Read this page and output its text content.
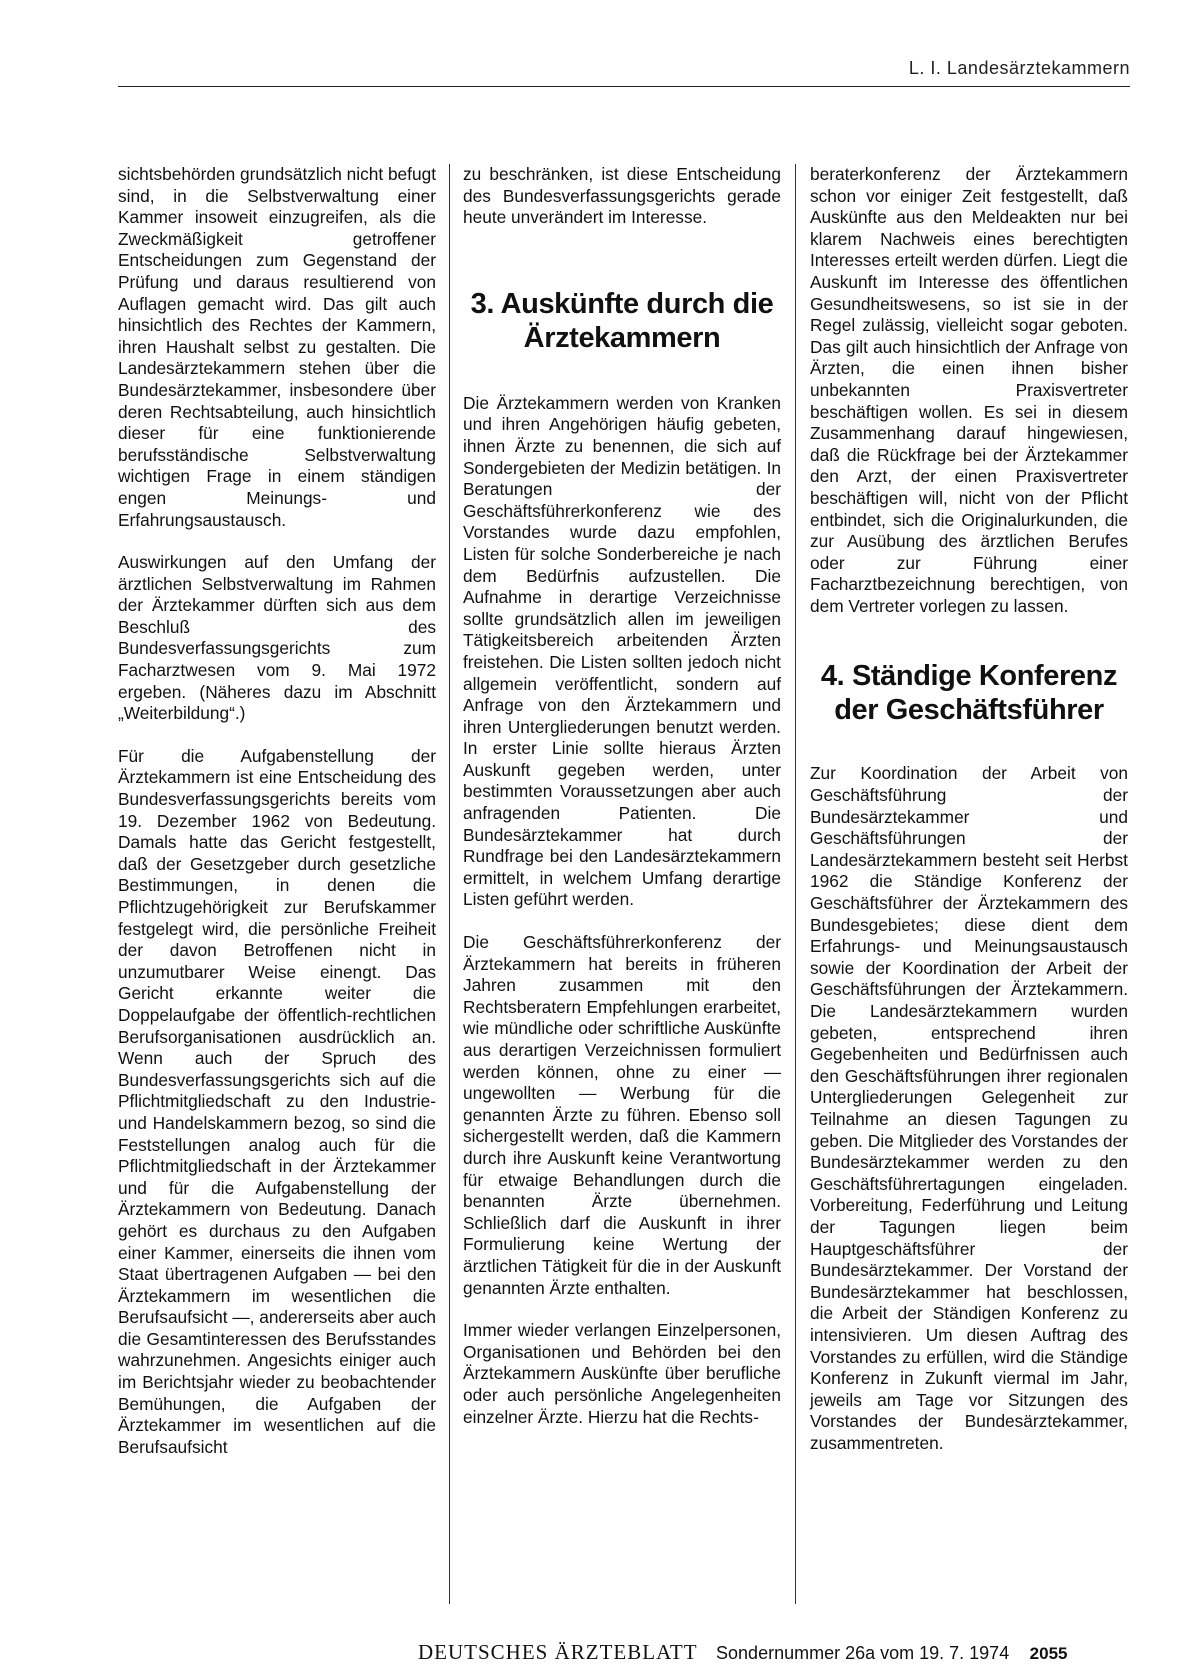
L. I. Landesärztekammern

sichtsbehörden grundsätzlich nicht befugt sind, in die Selbstverwaltung einer Kammer insoweit einzugreifen, als die Zweckmäßigkeit getroffener Entscheidungen zum Gegenstand der Prüfung und daraus resultierend von Auflagen gemacht wird. Das gilt auch hinsichtlich des Rechtes der Kammern, ihren Haushalt selbst zu gestalten. Die Landesärztekammern stehen über die Bundesärztekammer, insbesondere über deren Rechtsabteilung, auch hinsichtlich dieser für eine funktionierende berufsständische Selbstverwaltung wichtigen Frage in einem ständigen engen Meinungs- und Erfahrungsaustausch.

Auswirkungen auf den Umfang der ärztlichen Selbstverwaltung im Rahmen der Ärztekammer dürften sich aus dem Beschluß des Bundesverfassungsgerichts zum Facharztwesen vom 9. Mai 1972 ergeben. (Näheres dazu im Abschnitt „Weiterbildung“.)

Für die Aufgabenstellung der Ärztekammern ist eine Entscheidung des Bundesverfassungsgerichts bereits vom 19. Dezember 1962 von Bedeutung. Damals hatte das Gericht festgestellt, daß der Gesetzgeber durch gesetzliche Bestimmungen, in denen die Pflichtzugehörigkeit zur Berufskammer festgelegt wird, die persönliche Freiheit der davon Betroffenen nicht in unzumutbarer Weise einengt. Das Gericht erkannte weiter die Doppelaufgabe der öffentlich-rechtlichen Berufsorganisationen ausdrücklich an. Wenn auch der Spruch des Bundesverfassungsgerichts sich auf die Pflichtmitgliedschaft zu den Industrie- und Handelskammern bezog, so sind die Feststellungen analog auch für die Pflichtmitgliedschaft in der Ärztekammer und für die Aufgabenstellung der Ärztekammern von Bedeutung. Danach gehört es durchaus zu den Aufgaben einer Kammer, einerseits die ihnen vom Staat übertragenen Aufgaben — bei den Ärztekammern im wesentlichen die Berufsaufsicht —, andererseits aber auch die Gesamtinteressen des Berufsstandes wahrzunehmen. Angesichts einiger auch im Berichtsjahr wieder zu beobachtender Bemühungen, die Aufgaben der Ärztekammer im wesentlichen auf die Berufsaufsicht

zu beschränken, ist diese Entscheidung des Bundesverfassungsgerichts gerade heute unverändert im Interesse.

3. Auskünfte durch die Ärztekammern

Die Ärztekammern werden von Kranken und ihren Angehörigen häufig gebeten, ihnen Ärzte zu benennen, die sich auf Sondergebieten der Medizin betätigen. In Beratungen der Geschäftsführerkonferenz wie des Vorstandes wurde dazu empfohlen, Listen für solche Sonderbereiche je nach dem Bedürfnis aufzustellen. Die Aufnahme in derartige Verzeichnisse sollte grundsätzlich allen im jeweiligen Tätigkeitsbereich arbeitenden Ärzten freistehen. Die Listen sollten jedoch nicht allgemein veröffentlicht, sondern auf Anfrage von den Ärztekammern und ihren Untergliederungen benutzt werden. In erster Linie sollte hieraus Ärzten Auskunft gegeben werden, unter bestimmten Voraussetzungen aber auch anfragenden Patienten. Die Bundesärztekammer hat durch Rundfrage bei den Landesärztekammern ermittelt, in welchem Umfang derartige Listen geführt werden.

Die Geschäftsführerkonferenz der Ärztekammern hat bereits in früheren Jahren zusammen mit den Rechtsberatern Empfehlungen erarbeitet, wie mündliche oder schriftliche Auskünfte aus derartigen Verzeichnissen formuliert werden können, ohne zu einer — ungewollten — Werbung für die genannten Ärzte zu führen. Ebenso soll sichergestellt werden, daß die Kammern durch ihre Auskunft keine Verantwortung für etwaige Behandlungen durch die benannten Ärzte übernehmen. Schließlich darf die Auskunft in ihrer Formulierung keine Wertung der ärztlichen Tätigkeit für die in der Auskunft genannten Ärzte enthalten.

Immer wieder verlangen Einzelpersonen, Organisationen und Behörden bei den Ärztekammern Auskünfte über berufliche oder auch persönliche Angelegenheiten einzelner Ärzte. Hierzu hat die Rechts-

beraterkonferenz der Ärztekammern schon vor einiger Zeit festgestellt, daß Auskünfte aus den Meldeakten nur bei klarem Nachweis eines berechtigten Interesses erteilt werden dürfen. Liegt die Auskunft im Interesse des öffentlichen Gesundheitswesens, so ist sie in der Regel zulässig, vielleicht sogar geboten. Das gilt auch hinsichtlich der Anfrage von Ärzten, die einen ihnen bisher unbekannten Praxisvertreter beschäftigen wollen. Es sei in diesem Zusammenhang darauf hingewiesen, daß die Rückfrage bei der Ärztekammer den Arzt, der einen Praxisvertreter beschäftigen will, nicht von der Pflicht entbindet, sich die Originalurkunden, die zur Ausübung des ärztlichen Berufes oder zur Führung einer Facharztbezeichnung berechtigen, von dem Vertreter vorlegen zu lassen.

4. Ständige Konferenz der Geschäftsführer

Zur Koordination der Arbeit von Geschäftsführung der Bundesärztekammer und Geschäftsführungen der Landesärztekammern besteht seit Herbst 1962 die Ständige Konferenz der Geschäftsführer der Ärztekammern des Bundesgebietes; diese dient dem Erfahrungs- und Meinungsaustausch sowie der Koordination der Arbeit der Geschäftsführungen der Ärztekammern. Die Landesärztekammern wurden gebeten, entsprechend ihren Gegebenheiten und Bedürfnissen auch den Geschäftsführungen ihrer regionalen Untergliederungen Gelegenheit zur Teilnahme an diesen Tagungen zu geben. Die Mitglieder des Vorstandes der Bundesärztekammer werden zu den Geschäftsführertagungen eingeladen. Vorbereitung, Federführung und Leitung der Tagungen liegen beim Hauptgeschäftsführer der Bundesärztekammer. Der Vorstand der Bundesärztekammer hat beschlossen, die Arbeit der Ständigen Konferenz zu intensivieren. Um diesen Auftrag des Vorstandes zu erfüllen, wird die Ständige Konferenz in Zukunft viermal im Jahr, jeweils am Tage vor Sitzungen des Vorstandes der Bundesärztekammer, zusammentreten.

DEUTSCHES ÄRZTEBLATT Sondernummer 26a vom 19. 7. 1974 2055
